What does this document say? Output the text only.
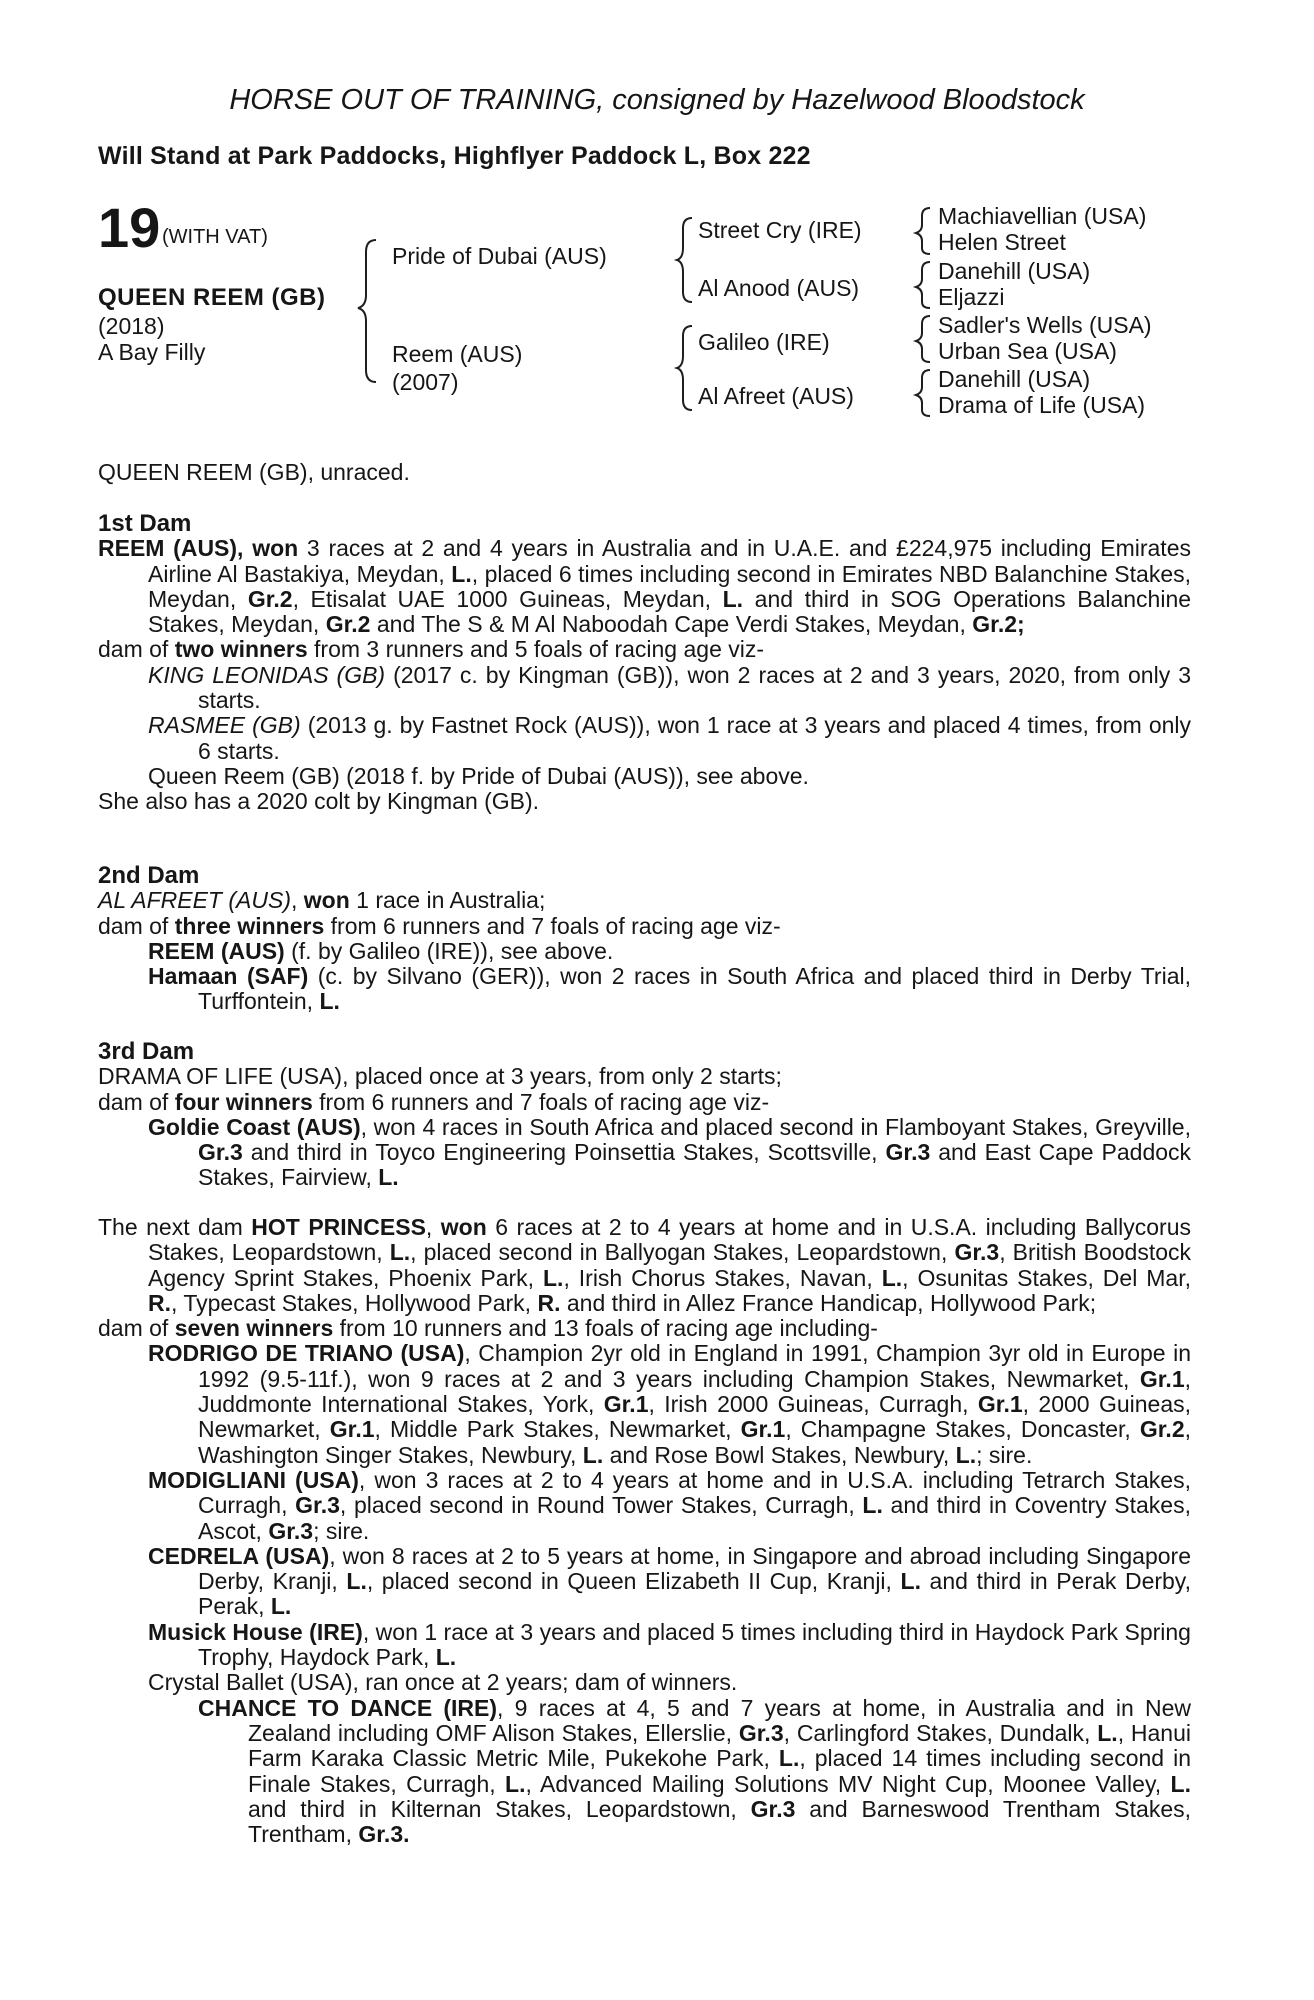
HORSE OUT OF TRAINING, consigned by Hazelwood Bloodstock
Will Stand at Park Paddocks, Highflyer Paddock L, Box 222
19 (WITH VAT)
QUEEN REEM (GB)
(2018)
A Bay Filly
Pride of Dubai (AUS)
Reem (AUS)
(2007)
Street Cry (IRE)
Al Anood (AUS)
Galileo (IRE)
Al Afreet (AUS)
Machiavellian (USA)
Helen Street
Danehill (USA)
Eljazzi
Sadler's Wells (USA)
Urban Sea (USA)
Danehill (USA)
Drama of Life (USA)

QUEEN REEM (GB), unraced.

1st Dam

REEM (AUS), won 3 races at 2 and 4 years in Australia and in U.A.E. and £224,975 including Emirates Airline Al Bastakiya, Meydan, L., placed 6 times including second in Emirates NBD Balanchine Stakes, Meydan, Gr.2, Etisalat UAE 1000 Guineas, Meydan, L. and third in SOG Operations Balanchine Stakes, Meydan, Gr.2 and The S & M Al Naboodah Cape Verdi Stakes, Meydan, Gr.2;

dam of two winners from 3 runners and 5 foals of racing age viz-

KING LEONIDAS (GB) (2017 c. by Kingman (GB)), won 2 races at 2 and 3 years, 2020, from only 3 starts.

RASMEE (GB) (2013 g. by Fastnet Rock (AUS)), won 1 race at 3 years and placed 4 times, from only 6 starts.

Queen Reem (GB) (2018 f. by Pride of Dubai (AUS)), see above.

She also has a 2020 colt by Kingman (GB).

2nd Dam

AL AFREET (AUS), won 1 race in Australia;

dam of three winners from 6 runners and 7 foals of racing age viz-

REEM (AUS) (f. by Galileo (IRE)), see above.

Hamaan (SAF) (c. by Silvano (GER)), won 2 races in South Africa and placed third in Derby Trial, Turffontein, L.

3rd Dam

DRAMA OF LIFE (USA), placed once at 3 years, from only 2 starts;

dam of four winners from 6 runners and 7 foals of racing age viz-

Goldie Coast (AUS), won 4 races in South Africa and placed second in Flamboyant Stakes, Greyville, Gr.3 and third in Toyco Engineering Poinsettia Stakes, Scottsville, Gr.3 and East Cape Paddock Stakes, Fairview, L.

The next dam HOT PRINCESS, won 6 races at 2 to 4 years at home and in U.S.A. including Ballycorus Stakes, Leopardstown, L., placed second in Ballyogan Stakes, Leopardstown, Gr.3, British Boodstock Agency Sprint Stakes, Phoenix Park, L., Irish Chorus Stakes, Navan, L., Osunitas Stakes, Del Mar, R., Typecast Stakes, Hollywood Park, R. and third in Allez France Handicap, Hollywood Park;

dam of seven winners from 10 runners and 13 foals of racing age including-

RODRIGO DE TRIANO (USA), Champion 2yr old in England in 1991, Champion 3yr old in Europe in 1992 (9.5-11f.), won 9 races at 2 and 3 years including Champion Stakes, Newmarket, Gr.1, Juddmonte International Stakes, York, Gr.1, Irish 2000 Guineas, Curragh, Gr.1, 2000 Guineas, Newmarket, Gr.1, Middle Park Stakes, Newmarket, Gr.1, Champagne Stakes, Doncaster, Gr.2, Washington Singer Stakes, Newbury, L. and Rose Bowl Stakes, Newbury, L.; sire.

MODIGLIANI (USA), won 3 races at 2 to 4 years at home and in U.S.A. including Tetrarch Stakes, Curragh, Gr.3, placed second in Round Tower Stakes, Curragh, L. and third in Coventry Stakes, Ascot, Gr.3; sire.

CEDRELA (USA), won 8 races at 2 to 5 years at home, in Singapore and abroad including Singapore Derby, Kranji, L., placed second in Queen Elizabeth II Cup, Kranji, L. and third in Perak Derby, Perak, L.

Musick House (IRE), won 1 race at 3 years and placed 5 times including third in Haydock Park Spring Trophy, Haydock Park, L.

Crystal Ballet (USA), ran once at 2 years; dam of winners.

CHANCE TO DANCE (IRE), 9 races at 4, 5 and 7 years at home, in Australia and in New Zealand including OMF Alison Stakes, Ellerslie, Gr.3, Carlingford Stakes, Dundalk, L., Hanui Farm Karaka Classic Metric Mile, Pukekohe Park, L., placed 14 times including second in Finale Stakes, Curragh, L., Advanced Mailing Solutions MV Night Cup, Moonee Valley, L. and third in Kilternan Stakes, Leopardstown, Gr.3 and Barneswood Trentham Stakes, Trentham, Gr.3.
